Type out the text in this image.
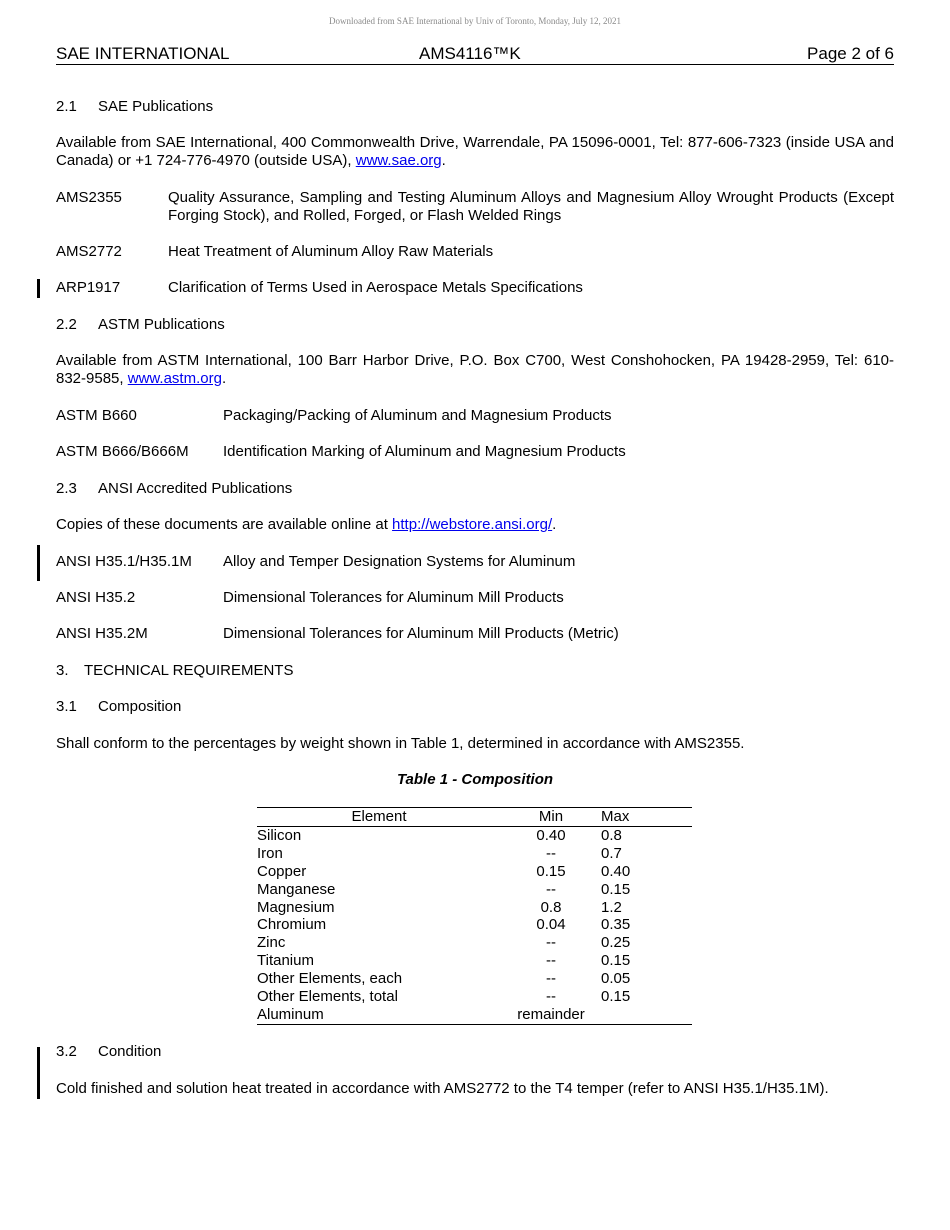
Downloaded from SAE International by Univ of Toronto, Monday, July 12, 2021
SAE INTERNATIONAL	AMS4116™K	Page 2 of 6
2.1 SAE Publications
Available from SAE International, 400 Commonwealth Drive, Warrendale, PA 15096-0001, Tel: 877-606-7323 (inside USA and Canada) or +1 724-776-4970 (outside USA), www.sae.org.
AMS2355	Quality Assurance, Sampling and Testing Aluminum Alloys and Magnesium Alloy Wrought Products (Except Forging Stock), and Rolled, Forged, or Flash Welded Rings
AMS2772	Heat Treatment of Aluminum Alloy Raw Materials
ARP1917	Clarification of Terms Used in Aerospace Metals Specifications
2.2 ASTM Publications
Available from ASTM International, 100 Barr Harbor Drive, P.O. Box C700, West Conshohocken, PA 19428-2959, Tel: 610-832-9585, www.astm.org.
ASTM B660	Packaging/Packing of Aluminum and Magnesium Products
ASTM B666/B666M Identification Marking of Aluminum and Magnesium Products
2.3 ANSI Accredited Publications
Copies of these documents are available online at http://webstore.ansi.org/.
ANSI H35.1/H35.1M Alloy and Temper Designation Systems for Aluminum
ANSI H35.2	Dimensional Tolerances for Aluminum Mill Products
ANSI H35.2M	Dimensional Tolerances for Aluminum Mill Products (Metric)
3. TECHNICAL REQUIREMENTS
3.1 Composition
Shall conform to the percentages by weight shown in Table 1, determined in accordance with AMS2355.
Table 1 - Composition
Element	Min	Max
Silicon	0.40	0.8
Iron	--	0.7
Copper	0.15	0.40
Manganese	--	0.15
Magnesium	0.8	1.2
Chromium	0.04	0.35
Zinc	--	0.25
Titanium	--	0.15
Other Elements, each	--	0.05
Other Elements, total	--	0.15
Aluminum	remainder	
3.2 Condition
Cold finished and solution heat treated in accordance with AMS2772 to the T4 temper (refer to ANSI H35.1/H35.1M).
